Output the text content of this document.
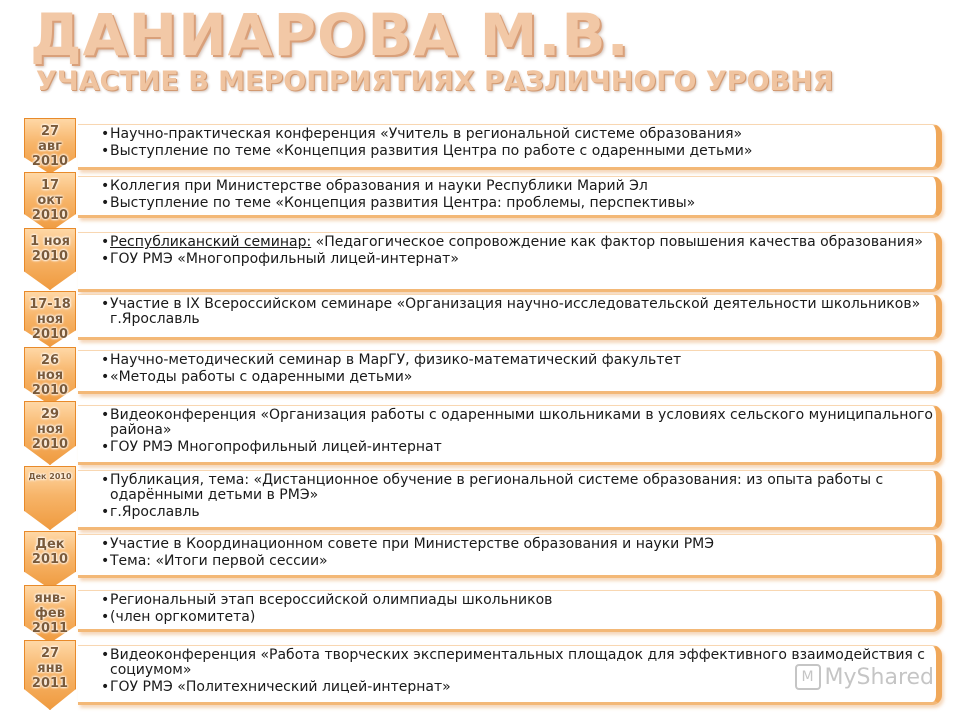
ДАНИАРОВА М.В.
УЧАСТИЕ В МЕРОПРИЯТИЯХ РАЗЛИЧНОГО УРОВНЯ
• Научно-практическая конференция «Учитель в региональной системе образования»
• Выступление по теме «Концепция развития Центра по работе с одаренными детьми»
27
авг
2010
• Коллегия при Министерстве образования и науки Республики Марий Эл
• Выступление по теме «Концепция развития Центра: проблемы, перспективы»
17
окт
2010
• Республиканский семинар: «Педагогическое сопровождение как фактор повышения качества образования»
• ГОУ РМЭ «Многопрофильный лицей-интернат»
1 ноя
2010
• Участие в IX Всероссийском семинаре «Организация научно-исследовательской деятельности школьников» г.Ярославль
17-18
ноя
2010
• Научно-методический семинар в МарГУ, физико-математический факультет
• «Методы работы с одаренными детьми»
26
ноя
2010
• Видеоконференция «Организация работы с одаренными школьниками в условиях сельского муниципального района»
• ГОУ РМЭ Многопрофильный лицей-интернат
29
ноя
2010
• Публикация, тема: «Дистанционное обучение в региональной системе образования: из опыта работы с одарёнными детьми в РМЭ»
• г.Ярославль
Дек 2010
• Участие в Координационном совете при Министерстве образования и науки РМЭ
• Тема: «Итоги первой сессии»
Дек
2010
• Региональный этап всероссийской олимпиады школьников
• (член оргкомитета)
янв-
фев
2011
• Видеоконференция «Работа творческих экспериментальных площадок для эффективного взаимодействия с социумом»
• ГОУ РМЭ «Политехнический лицей-интернат»
27
янв
2011	М MyShared
